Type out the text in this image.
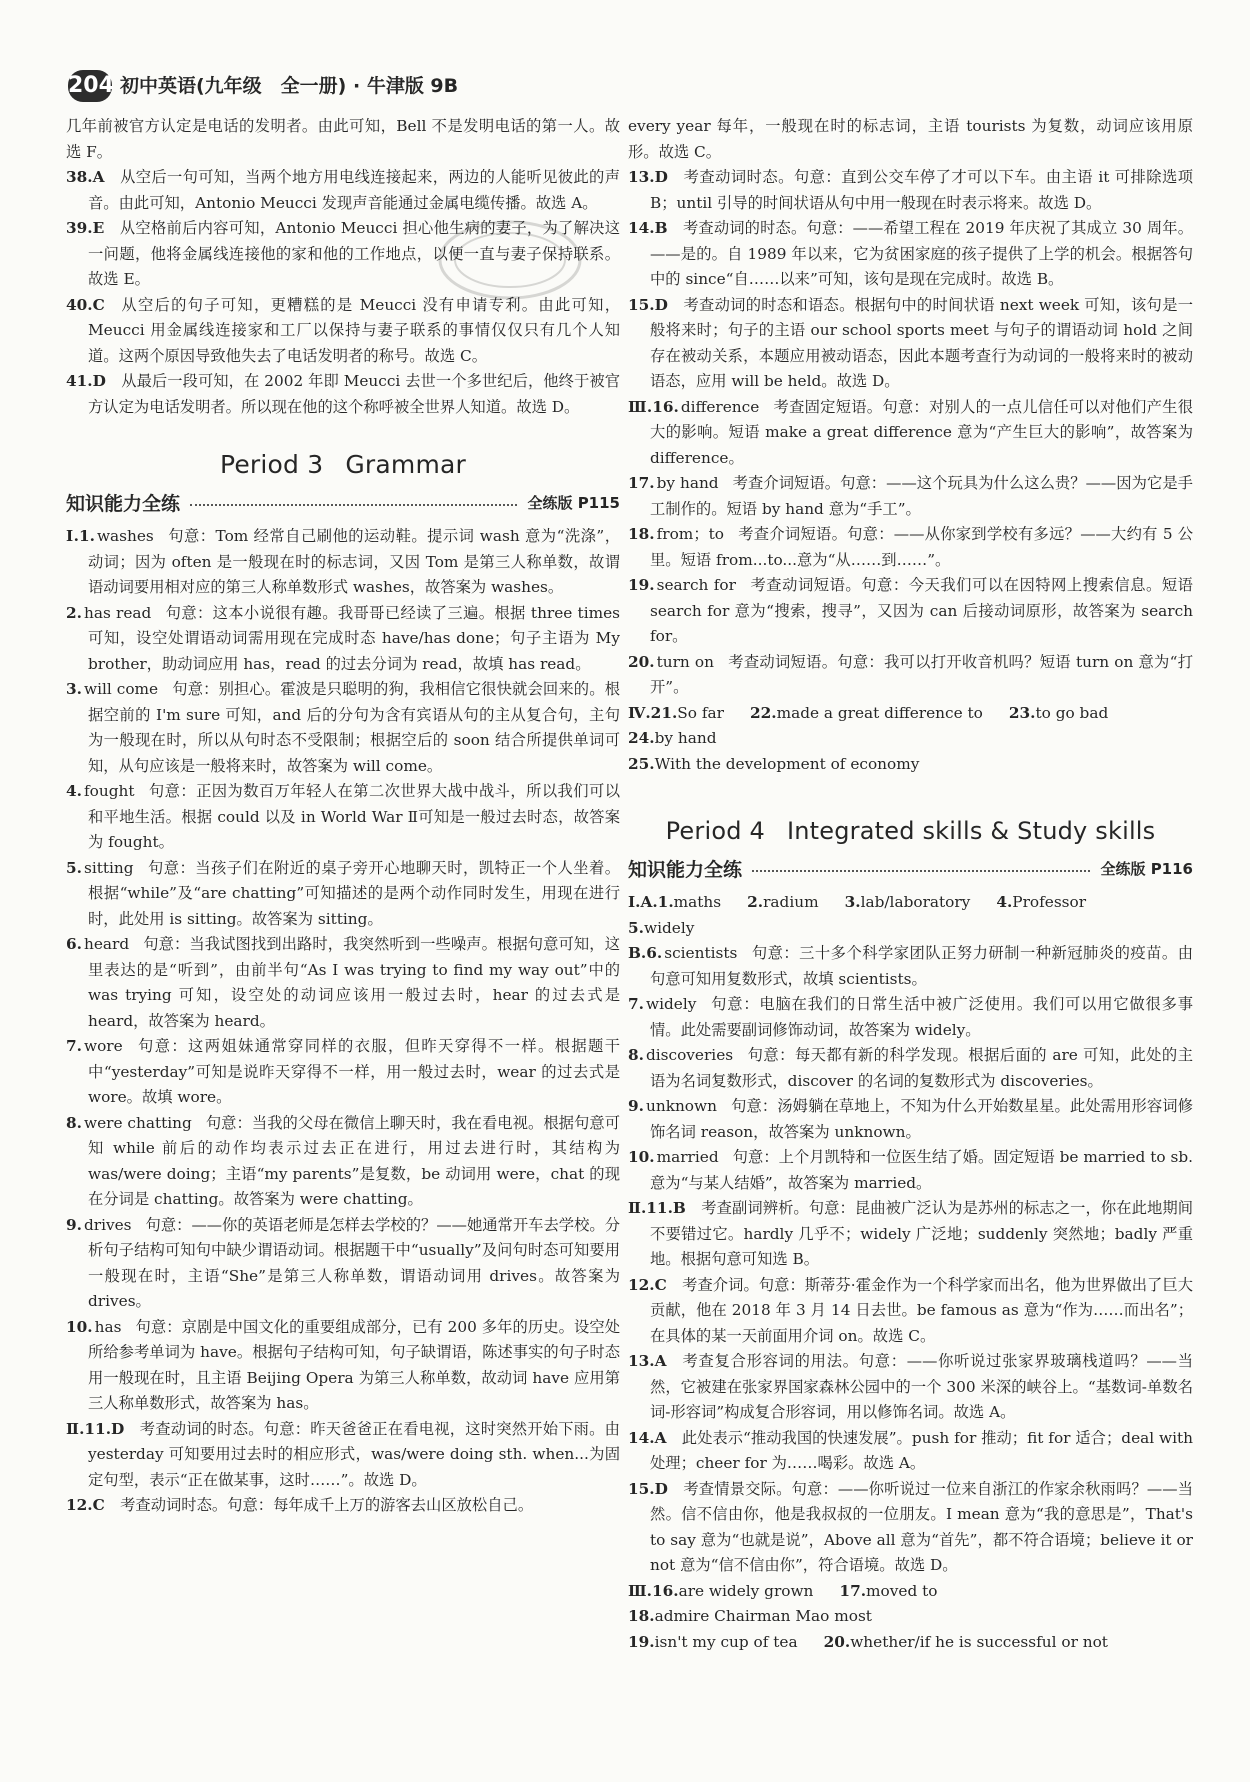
204 初中英语(九年级　全一册) · 牛津版 9B

几年前被官方认定是电话的发明者。由此可知，Bell 不是发明电话的第一人。故选 F。

38.A  从空后一句可知，当两个地方用电线连接起来，两边的人能听见彼此的声音。由此可知，Antonio Meucci 发现声音能通过金属电缆传播。故选 A。

39.E  从空格前后内容可知，Antonio Meucci 担心他生病的妻子，为了解决这一问题，他将金属线连接他的家和他的工作地点，以便一直与妻子保持联系。故选 E。

40.C  从空后的句子可知，更糟糕的是 Meucci 没有申请专利。由此可知，Meucci 用金属线连接家和工厂以保持与妻子联系的事情仅仅只有几个人知道。这两个原因导致他失去了电话发明者的称号。故选 C。

41.D  从最后一段可知，在 2002 年即 Meucci 去世一个多世纪后，他终于被官方认定为电话发明者。所以现在他的这个称呼被全世界人知道。故选 D。

Period 3 Grammar
知识能力全练	全练版 P115

Ⅰ.1. washes 句意：Tom 经常自己刷他的运动鞋。提示词 wash 意为“洗涤”，动词；因为 often 是一般现在时的标志词，又因 Tom 是第三人称单数，故谓语动词要用相对应的第三人称单数形式 washes，故答案为 washes。

2. has read 句意：这本小说很有趣。我哥哥已经读了三遍。根据 three times 可知，设空处谓语动词需用现在完成时态 have/has done；句子主语为 My brother，助动词应用 has，read 的过去分词为 read，故填 has read。

3. will come 句意：别担心。霍波是只聪明的狗，我相信它很快就会回来的。根据空前的 I'm sure 可知，and 后的分句为含有宾语从句的主从复合句，主句为一般现在时，所以从句时态不受限制；根据空后的 soon 结合所提供单词可知，从句应该是一般将来时，故答案为 will come。

4. fought 句意：正因为数百万年轻人在第二次世界大战中战斗，所以我们可以和平地生活。根据 could 以及 in World War Ⅱ可知是一般过去时态，故答案为 fought。

5. sitting 句意：当孩子们在附近的桌子旁开心地聊天时，凯特正一个人坐着。根据“while”及“are chatting”可知描述的是两个动作同时发生，用现在进行时，此处用 is sitting。故答案为 sitting。

6. heard 句意：当我试图找到出路时，我突然听到一些噪声。根据句意可知，这里表达的是“听到”，由前半句“As I was trying to find my way out”中的 was trying 可知，设空处的动词应该用一般过去时，hear 的过去式是 heard，故答案为 heard。

7. wore 句意：这两姐妹通常穿同样的衣服，但昨天穿得不一样。根据题干中“yesterday”可知是说昨天穿得不一样，用一般过去时，wear 的过去式是 wore。故填 wore。

8. were chatting 句意：当我的父母在微信上聊天时，我在看电视。根据句意可知 while 前后的动作均表示过去正在进行，用过去进行时，其结构为 was/were doing；主语“my parents”是复数，be 动词用 were，chat 的现在分词是 chatting。故答案为 were chatting。

9. drives 句意：——你的英语老师是怎样去学校的？——她通常开车去学校。分析句子结构可知句中缺少谓语动词。根据题干中“usually”及问句时态可知要用一般现在时，主语“She”是第三人称单数，谓语动词用 drives。故答案为 drives。

10. has 句意：京剧是中国文化的重要组成部分，已有 200 多年的历史。设空处所给参考单词为 have。根据句子结构可知，句子缺谓语，陈述事实的句子时态用一般现在时，且主语 Beijing Opera 为第三人称单数，故动词 have 应用第三人称单数形式，故答案为 has。

Ⅱ.11.D  考查动词的时态。句意：昨天爸爸正在看电视，这时突然开始下雨。由 yesterday 可知要用过去时的相应形式，was/were doing sth. when...为固定句型，表示“正在做某事，这时……”。故选 D。

12.C  考查动词时态。句意：每年成千上万的游客去山区放松自己。

every year 每年，一般现在时的标志词，主语 tourists 为复数，动词应该用原形。故选 C。

13.D  考查动词时态。句意：直到公交车停了才可以下车。由主语 it 可排除选项 B；until 引导的时间状语从句中用一般现在时表示将来。故选 D。

14.B  考查动词的时态。句意：——希望工程在 2019 年庆祝了其成立 30 周年。——是的。自 1989 年以来，它为贫困家庭的孩子提供了上学的机会。根据答句中的 since“自……以来”可知，该句是现在完成时。故选 B。

15.D  考查动词的时态和语态。根据句中的时间状语 next week 可知，该句是一般将来时；句子的主语 our school sports meet 与句子的谓语动词 hold 之间存在被动关系，本题应用被动语态，因此本题考查行为动词的一般将来时的被动语态，应用 will be held。故选 D。

Ⅲ.16. difference 考查固定短语。句意：对别人的一点儿信任可以对他们产生很大的影响。短语 make a great difference 意为“产生巨大的影响”，故答案为 difference。

17. by hand 考查介词短语。句意：——这个玩具为什么这么贵？——因为它是手工制作的。短语 by hand 意为“手工”。

18. from；to 考查介词短语。句意：——从你家到学校有多远？——大约有 5 公里。短语 from...to...意为“从……到……”。

19. search for 考查动词短语。句意：今天我们可以在因特网上搜索信息。短语 search for 意为“搜索，搜寻”，又因为 can 后接动词原形，故答案为 search for。

20. turn on 考查动词短语。句意：我可以打开收音机吗？短语 turn on 意为“打开”。

Ⅳ.21.So far 22.made a great difference to 23.to go bad
24.by hand
25.With the development of economy
Period 4 Integrated skills & Study skills
知识能力全练	全练版 P116
Ⅰ.A.1.maths 2.radium 3.lab/laboratory 4.Professor
5.widely

B.6. scientists 句意：三十多个科学家团队正努力研制一种新冠肺炎的疫苗。由句意可知用复数形式，故填 scientists。

7. widely 句意：电脑在我们的日常生活中被广泛使用。我们可以用它做很多事情。此处需要副词修饰动词，故答案为 widely。

8. discoveries 句意：每天都有新的科学发现。根据后面的 are 可知，此处的主语为名词复数形式，discover 的名词的复数形式为 discoveries。

9. unknown 句意：汤姆躺在草地上，不知为什么开始数星星。此处需用形容词修饰名词 reason，故答案为 unknown。

10. married 句意：上个月凯特和一位医生结了婚。固定短语 be married to sb.意为“与某人结婚”，故答案为 married。

Ⅱ.11.B  考查副词辨析。句意：昆曲被广泛认为是苏州的标志之一，你在此地期间不要错过它。hardly 几乎不；widely 广泛地；suddenly 突然地；badly 严重地。根据句意可知选 B。

12.C  考查介词。句意：斯蒂芬·霍金作为一个科学家而出名，他为世界做出了巨大贡献，他在 2018 年 3 月 14 日去世。be famous as 意为“作为……而出名”；在具体的某一天前面用介词 on。故选 C。

13.A  考查复合形容词的用法。句意：——你听说过张家界玻璃栈道吗？——当然，它被建在张家界国家森林公园中的一个 300 米深的峡谷上。“基数词-单数名词-形容词”构成复合形容词，用以修饰名词。故选 A。

14.A  此处表示“推动我国的快速发展”。push for 推动；fit for 适合；deal with 处理；cheer for 为……喝彩。故选 A。

15.D  考查情景交际。句意：——你听说过一位来自浙江的作家余秋雨吗？——当然。信不信由你，他是我叔叔的一位朋友。I mean 意为“我的意思是”，That's to say 意为“也就是说”，Above all 意为“首先”，都不符合语境；believe it or not 意为“信不信由你”，符合语境。故选 D。

Ⅲ.16.are widely grown 17.moved to
18.admire Chairman Mao most
19.isn't my cup of tea 20.whether/if he is successful or not
